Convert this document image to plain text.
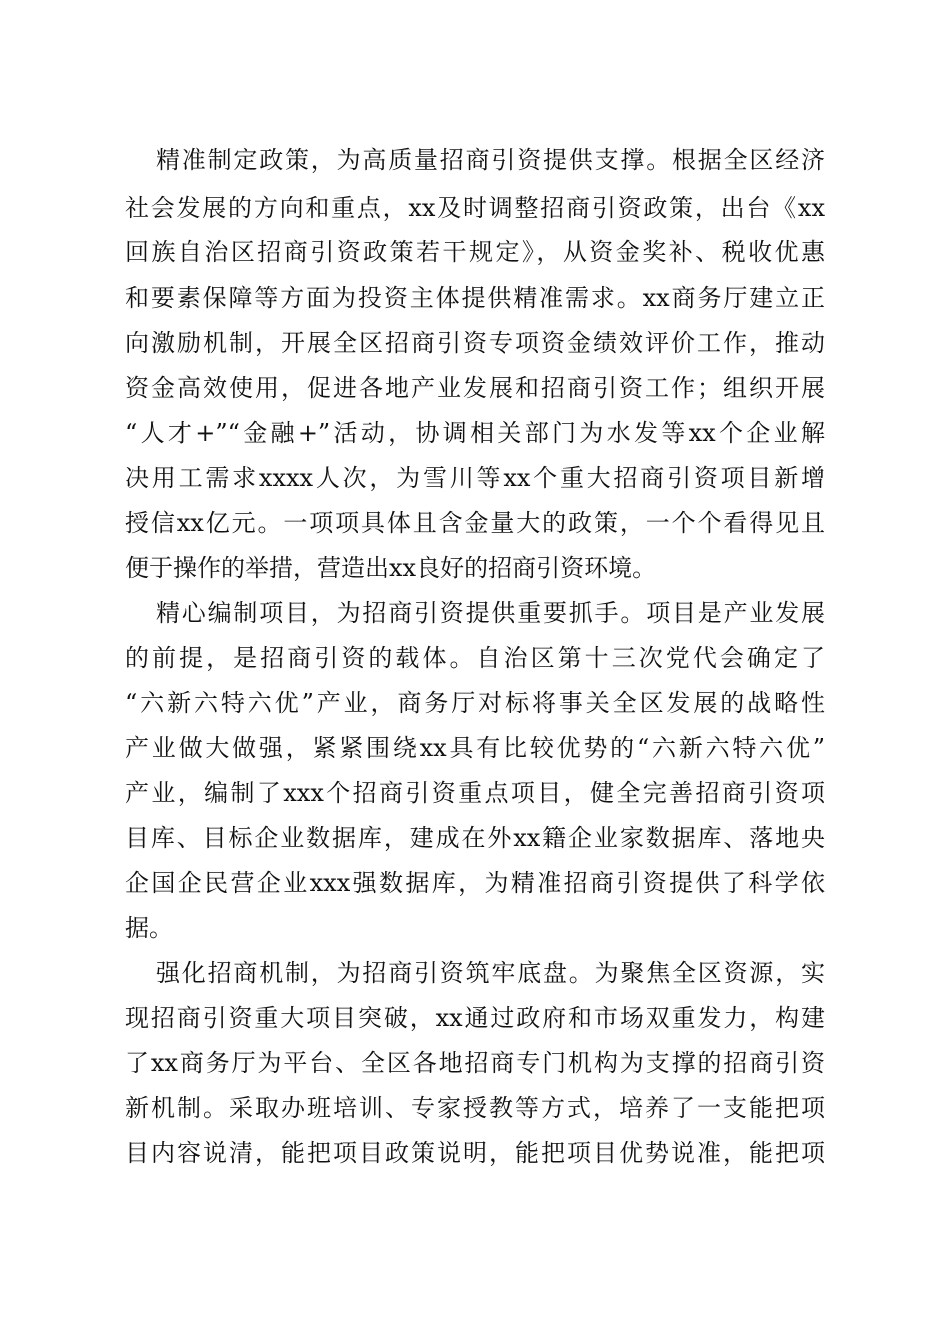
精准制定政策，为高质量招商引资提供支撑。根据全区经济
社会发展的方向和重点，xx及时调整招商引资政策，出台《xx
回族自治区招商引资政策若干规定》，从资金奖补、税收优惠
和要素保障等方面为投资主体提供精准需求。xx商务厅建立正
向激励机制，开展全区招商引资专项资金绩效评价工作，推动
资金高效使用，促进各地产业发展和招商引资工作；组织开展
“人才+”“金融+”活动，协调相关部门为水发等xx个企业解
决用工需求xxxx人次，为雪川等xx个重大招商引资项目新增
授信xx亿元。一项项具体且含金量大的政策，一个个看得见且
便于操作的举措，营造出xx良好的招商引资环境。
精心编制项目，为招商引资提供重要抓手。项目是产业发展
的前提，是招商引资的载体。自治区第十三次党代会确定了
“六新六特六优”产业，商务厅对标将事关全区发展的战略性
产业做大做强，紧紧围绕xx具有比较优势的“六新六特六优”
产业，编制了xxx个招商引资重点项目，健全完善招商引资项
目库、目标企业数据库，建成在外xx籍企业家数据库、落地央
企国企民营企业xxx强数据库，为精准招商引资提供了科学依
据。
强化招商机制，为招商引资筑牢底盘。为聚焦全区资源，实
现招商引资重大项目突破，xx通过政府和市场双重发力，构建
了xx商务厅为平台、全区各地招商专门机构为支撑的招商引资
新机制。采取办班培训、专家授教等方式，培养了一支能把项
目内容说清，能把项目政策说明，能把项目优势说准，能把项
